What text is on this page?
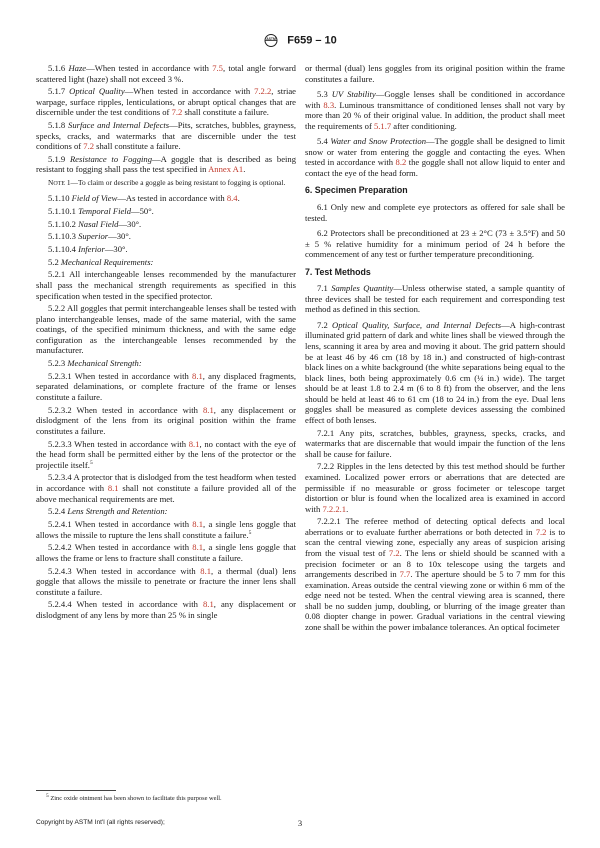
ASTM F659 – 10

5.1.6 Haze—When tested in accordance with 7.5, total angle forward scattered light (haze) shall not exceed 3 %.

5.1.7 Optical Quality—When tested in accordance with 7.2.2, striae warpage, surface ripples, lenticulations, or abrupt optical changes that are discernible under the test conditions of 7.2 shall constitute a failure.

5.1.8 Surface and Internal Defects—Pits, scratches, bubbles, grayness, specks, cracks, and watermarks that are discernible under the test conditions of 7.2 shall constitute a failure.

5.1.9 Resistance to Fogging—A goggle that is described as being resistant to fogging shall pass the test specified in Annex A1.

NOTE 1—To claim or describe a goggle as being resistant to fogging is optional.

5.1.10 Field of View—As tested in accordance with 8.4.

5.1.10.1 Temporal Field—50°.

5.1.10.2 Nasal Field—30°.

5.1.10.3 Superior—30°.

5.1.10.4 Inferior—30°.

5.2 Mechanical Requirements:

5.2.1 All interchangeable lenses recommended by the manufacturer shall pass the mechanical strength requirements as specified in this specification when tested in the specified protector.

5.2.2 All goggles that permit interchangeable lenses shall be tested with plano interchangeable lenses, made of the same material, with the same coatings, of the specified minimum thickness, and with the same edge configuration as the interchangeable lenses recommended by the manufacturer.

5.2.3 Mechanical Strength:

5.2.3.1 When tested in accordance with 8.1, any displaced fragments, separated delaminations, or complete fracture of the frame or lenses constitute a failure.

5.2.3.2 When tested in accordance with 8.1, any displacement or dislodgment of the lens from its original position within the frame constitutes a failure.

5.2.3.3 When tested in accordance with 8.1, no contact with the eye of the head form shall be permitted either by the lens of the protector or the projectile itself.$^5$

5.2.3.4 A protector that is dislodged from the test headform when tested in accordance with 8.1 shall not constitute a failure provided all of the above mechanical requirements are met.

5.2.4 Lens Strength and Retention:

5.2.4.1 When tested in accordance with 8.1, a single lens goggle that allows the missile to rupture the lens shall constitute a failure.$^5$

5.2.4.2 When tested in accordance with 8.1, a single lens goggle that allows the frame or lens to fracture shall constitute a failure.

5.2.4.3 When tested in accordance with 8.1, a thermal (dual) lens goggle that allows the missile to penetrate or fracture the inner lens shall constitute a failure.

5.2.4.4 When tested in accordance with 8.1, any displacement or dislodgment of any lens by more than 25 % in single

or thermal (dual) lens goggles from its original position within the frame constitutes a failure.

5.3 UV Stability—Goggle lenses shall be conditioned in accordance with 8.3. Luminous transmittance of conditioned lenses shall not vary by more than 20 % of their original value. In addition, the product shall meet the requirements of 5.1.7 after conditioning.

5.4 Water and Snow Protection—The goggle shall be designed to limit snow or water from entering the goggle and contacting the eyes. When tested in accordance with 8.2 the goggle shall not allow liquid to enter and contact the eye of the head form.

6. Specimen Preparation

6.1 Only new and complete eye protectors as offered for sale shall be tested.

6.2 Protectors shall be preconditioned at 23 ± 2°C (73 ± 3.5°F) and 50 ± 5 % relative humidity for a minimum period of 24 h before the commencement of any test or further temperature preconditioning.

7. Test Methods

7.1 Samples Quantity—Unless otherwise stated, a sample quantity of three devices shall be tested for each requirement and corresponding test method as defined in this section.

7.2 Optical Quality, Surface, and Internal Defects—A high-contrast illuminated grid pattern of dark and white lines shall be viewed through the lens, scanning it area by area and moving it about. The grid pattern should be at least 46 by 46 cm (18 by 18 in.) and constructed of high-contrast black lines on a white background (the white separations being equal to the black lines, both being approximately 0.6 cm (¼ in.) wide). The target should be at least 1.8 to 2.4 m (6 to 8 ft) from the observer, and the lens should be held at least 46 to 61 cm (18 to 24 in.) from the eye. Dual lens goggles shall be measured as complete devices assessing the combined effect of both lenses.

7.2.1 Any pits, scratches, bubbles, grayness, specks, cracks, and watermarks that are discernable that would impair the function of the lens shall be cause for failure.

7.2.2 Ripples in the lens detected by this test method should be further examined. Localized power errors or aberrations that are detected are permissible if no measurable or gross focimeter or telescope target distortion or blur is found when the localized area is examined in accord with 7.2.2.1.

7.2.2.1 The referee method of detecting optical defects and local aberrations or to evaluate further aberrations or both detected in 7.2 is to scan the central viewing zone, especially any areas of suspicion arising from the visual test of 7.2. The lens or shield should be scanned with a precision focimeter or an 8 to 10x telescope using the targets and arrangements described in 7.7. The aperture should be 5 to 7 mm for this examination. Areas outside the central viewing zone or within 6 mm of the edge need not be tested. When the central viewing area is scanned, there shall be no sudden jump, doubling, or blurring of the image greater than 0.08 diopter change in power. Gradual variations in the central viewing zone shall be within the power imbalance tolerances. An optical focimeter

$^5$ Zinc oxide ointment has been shown to facilitate this purpose well.
Copyright by ASTM Int'l (all rights reserved);	3
